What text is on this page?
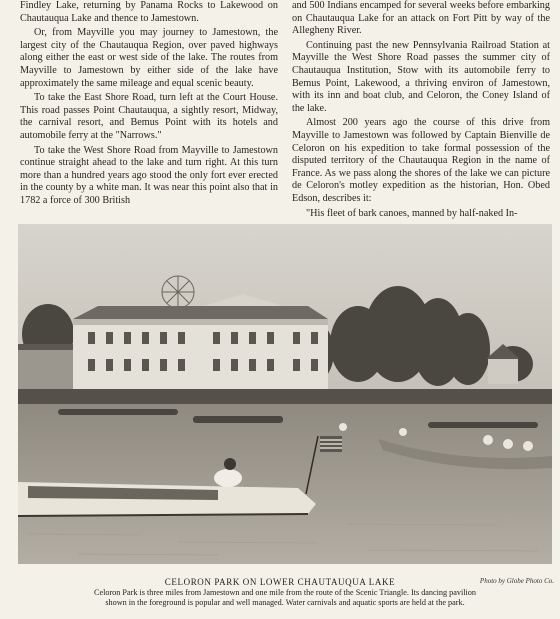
Findley Lake, returning by Panama Rocks to Lakewood on Chautauqua Lake and thence to Jamestown.

Or, from Mayville you may journey to Jamestown, the largest city of the Chautauqua Region, over paved highways along either the east or west side of the lake. The routes from Mayville to Jamestown by either side of the lake have approximately the same mileage and equal scenic beauty.

To take the East Shore Road, turn left at the Court House. This road passes Point Chautauqua, a sightly resort, Midway, the carnival resort, and Bemus Point with its hotels and automobile ferry at the "Narrows."

To take the West Shore Road from Mayville to Jamestown continue straight ahead to the lake and turn right. At this turn more than a hundred years ago stood the only fort ever erected in the county by a white man. It was near this point also that in 1782 a force of 300 British

and 500 Indians encamped for several weeks before embarking on Chautauqua Lake for an attack on Fort Pitt by way of the Allegheny River.

Continuing past the new Pennsylvania Railroad Station at Mayville the West Shore Road passes the summer city of Chautauqua Institution, Stow with its automobile ferry to Bemus Point, Lakewood, a thriving environ of Jamestown, with its inn and boat club, and Celoron, the Coney Island of the lake.

Almost 200 years ago the course of this drive from Mayville to Jamestown was followed by Captain Bienville de Celoron on his expedition to take formal possession of the disputed territory of the Chautauqua Region in the name of France. As we pass along the shores of the lake we can picture de Celoron's motley expedition as the historian, Hon. Obed Edson, describes it:

"His fleet of bark canoes, manned by half-naked In-

CELORON PARK ON LOWER CHAUTAUQUA LAKE	Photo by Globe Photo Co.
Celoron Park is three miles from Jamestown and one mile from the route of the Scenic Triangle. Its dancing pavilion shown in the foreground is popular and well managed. Water carnivals and aquatic sports are held at the park.
